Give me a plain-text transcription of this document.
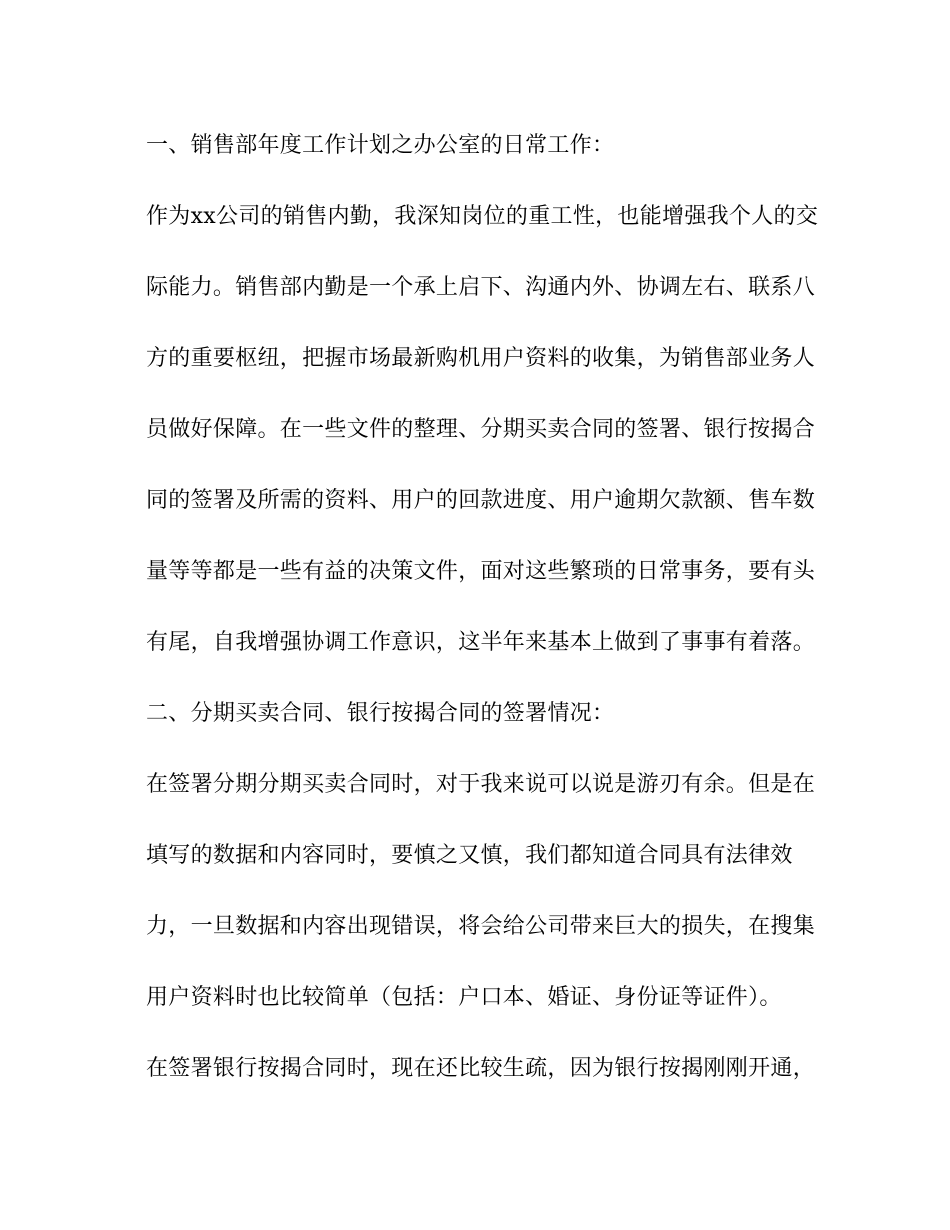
一、销售部年度工作计划之办公室的日常工作：
作为xx公司的销售内勤，我深知岗位的重工性，也能增强我个人的交
际能力。销售部内勤是一个承上启下、沟通内外、协调左右、联系八
方的重要枢纽，把握市场最新购机用户资料的收集，为销售部业务人
员做好保障。在一些文件的整理、分期买卖合同的签署、银行按揭合
同的签署及所需的资料、用户的回款进度、用户逾期欠款额、售车数
量等等都是一些有益的决策文件，面对这些繁琐的日常事务，要有头
有尾，自我增强协调工作意识，这半年来基本上做到了事事有着落。
二、分期买卖合同、银行按揭合同的签署情况：
在签署分期分期买卖合同时，对于我来说可以说是游刃有余。但是在
填写的数据和内容同时，要慎之又慎，我们都知道合同具有法律效
力，一旦数据和内容出现错误，将会给公司带来巨大的损失，在搜集
用户资料时也比较简单（包括：户口本、婚证、身份证等证件）。
在签署银行按揭合同时，现在还比较生疏，因为银行按揭刚刚开通，
